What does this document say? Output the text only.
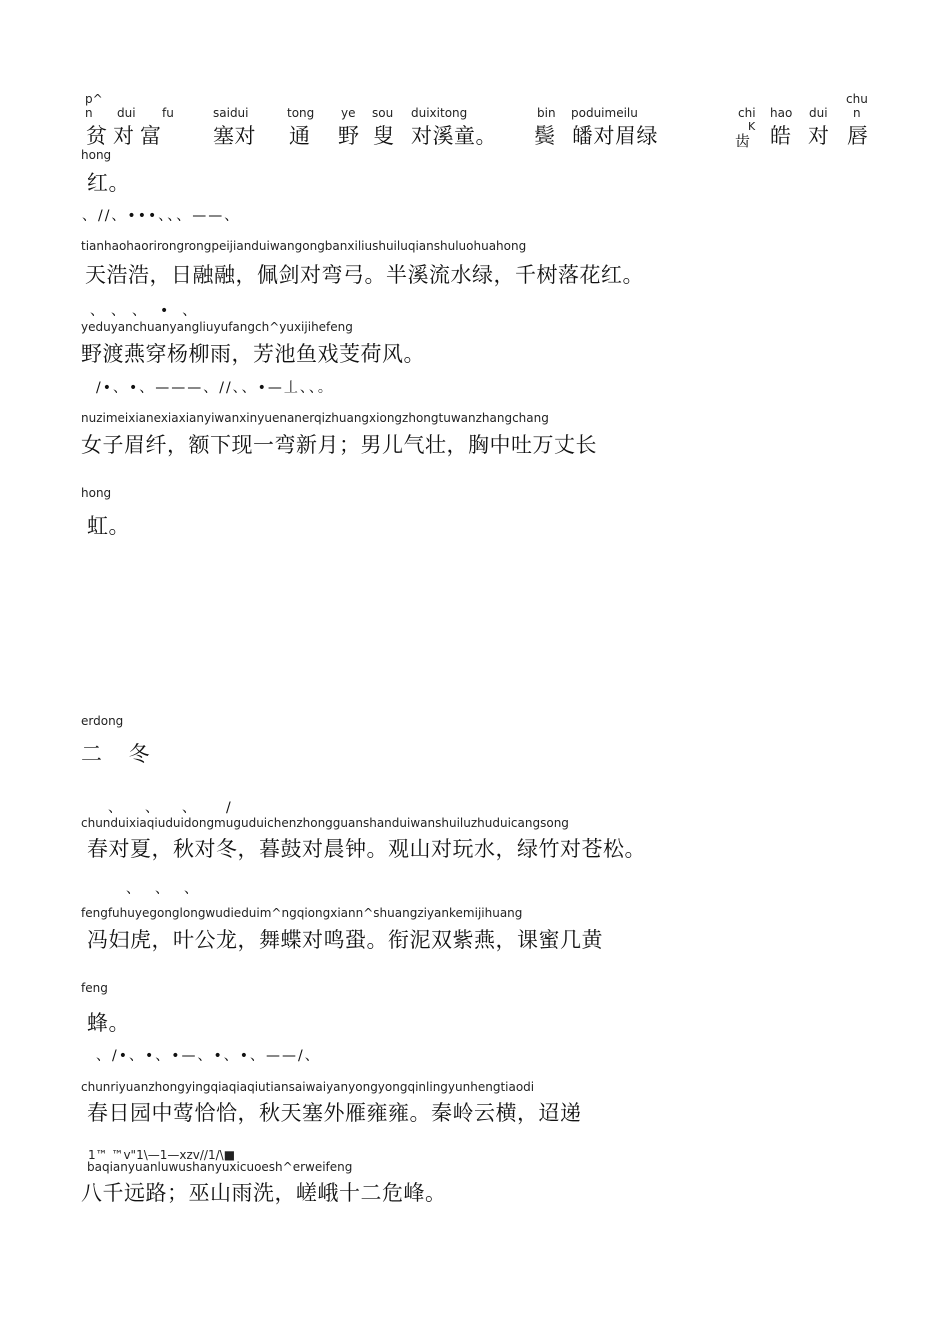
p^
n dui fu	saidui	tong ye sou duixitong	bin poduimeilu	chi hao dui
chu
n
贫对富 塞对 通 野 叟 对溪童。 鬓 皤对眉绿	齿
K 皓 对 唇
hong
红。
、//、•••、、、——、
tianhaohaorirongrongpeijianduiwangongbanxiliushuiluqianshuluohuahong
天浩浩，日融融，佩剑对弯弓。半溪流水绿，千树落花红。
、、、•、
yeduyanchuanyangliuyufangch^yuxijihefeng
野渡燕穿杨柳雨，芳池鱼戏芰荷风。
/•、•、———、//、、•—丄、、。
nuzimeixianexiaxianyiwanxinyuenanerqizhuangxiongzhongtuwanzhangchang
女子眉纤，额下现一弯新月；男儿气壮，胸中吐万丈长
hong
虹。
erdong
二 冬
、、、/
chunduixiaqiuduidongmuguduichenzhongguanshanduiwanshuiluzhuduicangsong
春对夏，秋对冬，暮鼓对晨钟。观山对玩水，绿竹对苍松。
、、、
fengfuhuyegonglongwudieduim^ngqiongxiann^shuangziyankemijihuang
冯妇虎，叶公龙，舞蝶对鸣蛩。衔泥双紫燕，课蜜几黄
feng
蜂。
、/•、•、•—、•、•、——/、
chunriyuanzhongyingqiaqiaqiutiansaiwaiyanyongyongqinlingyunhengtiaodi
春日园中莺恰恰，秋天塞外雁雍雍。秦岭云横，迢递
1™ ™v"1\—1—xzv//1/\■
baqianyuanluwushanyuxicuoesh^erweifeng
八千远路；巫山雨洗，嵯峨十二危峰。
